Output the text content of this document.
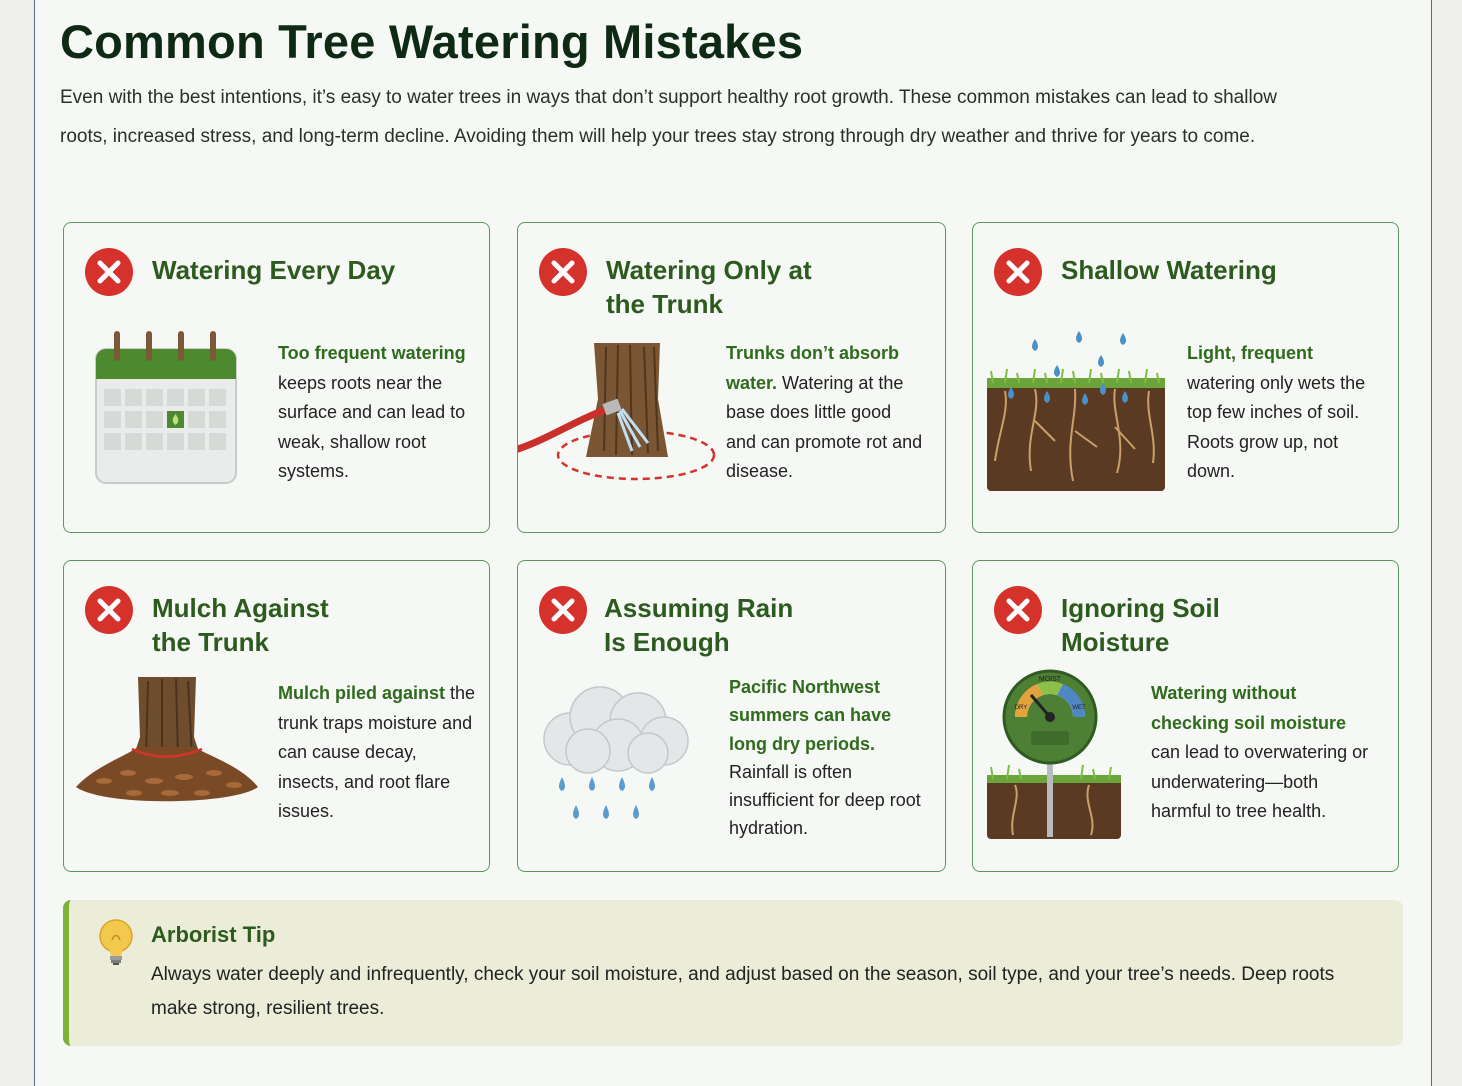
Common Tree Watering Mistakes

Even with the best intentions, it’s easy to water trees in ways that don’t support healthy root growth. These common mistakes can lead to shallow roots, increased stress, and long-term decline. Avoiding them will help your trees stay strong through dry weather and thrive for years to come.

Watering Every Day
Too frequent watering keeps roots near the surface and can lead to weak, shallow root systems.
Watering Only at
the Trunk
Trunks don’t absorb water. Watering at the base does little good and can promote rot and disease.
Shallow Watering
Light, frequent watering only wets the top few inches of soil. Roots grow up, not down.
Mulch Against
the Trunk
Mulch piled against the trunk traps moisture and can cause decay, insects, and root flare issues.
Assuming Rain
Is Enough
Pacific Northwest summers can have long dry periods. Rainfall is often insufficient for deep root hydration.
Ignoring Soil
Moisture
MOIST
DRY	WET
Watering without checking soil moisture can lead to overwatering or underwatering—both harmful to tree health.
Arborist Tip
Always water deeply and infrequently, check your soil moisture, and adjust based on the season, soil type, and your tree’s needs. Deep roots make strong, resilient trees.
